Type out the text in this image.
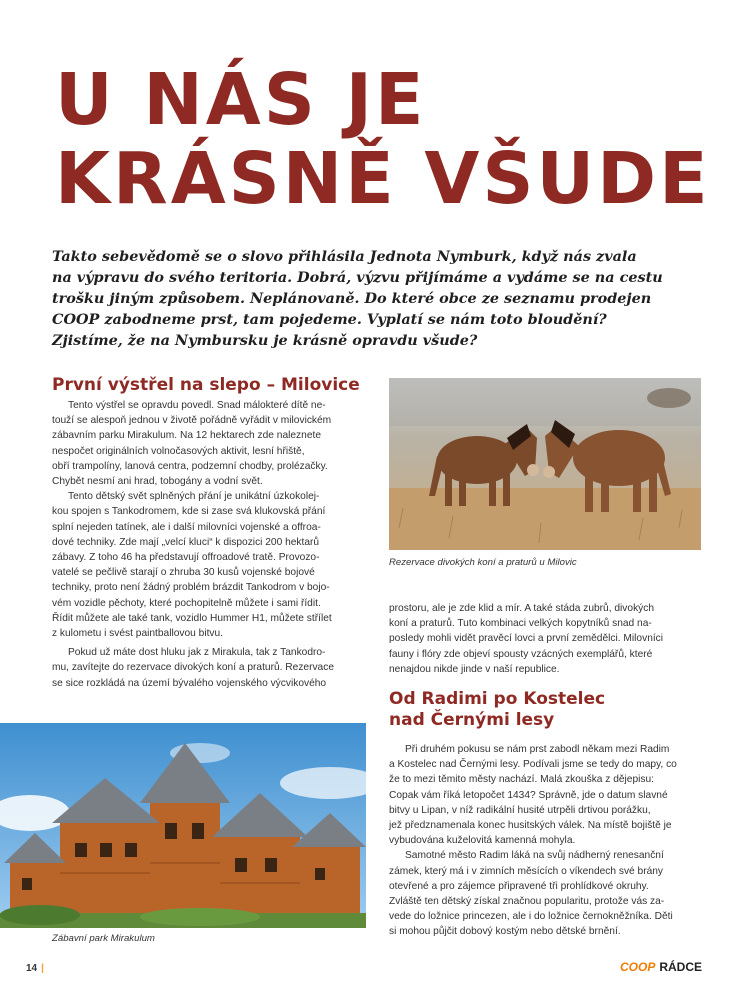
U NÁS JE
KRÁSNĚ VŠUDE
Takto sebevědomě se o slovo přihlásila Jednota Nymburk, když nás zvala
na výpravu do svého teritoria. Dobrá, výzvu přijímáme a vydáme se na cestu
trošku jiným způsobem. Neplánovaně. Do které obce ze seznamu prodejen
COOP zabodneme prst, tam pojedeme. Vyplatí se nám toto bloudění?
Zjistíme, že na Nymbursku je krásně opravdu všude?
První výstřel na slepo – Milovice
Tento výstřel se opravdu povedl. Snad málokteré dítě ne-
touží se alespoň jednou v životě pořádně vyřádit v milovickém
zábavním parku Mirakulum. Na 12 hektarech zde naleznete
nespočet originálních volnočasových aktivit, lesní hřiště,
obří trampolíny, lanová centra, podzemní chodby, prolézačky.
Chybět nesmí ani hrad, tobogány a vodní svět.
Tento dětský svět splněných přání je unikátní úzkokolej-
kou spojen s Tankodromem, kde si zase svá klukovská přání
splní nejeden tatínek, ale i další milovníci vojenské a offroa-
dové techniky. Zde mají „velcí kluci“ k dispozici 200 hektarů
zábavy. Z toho 46 ha představují offroadové tratě. Provozo-
vatelé se pečlivě starají o zhruba 30 kusů vojenské bojové
techniky, proto není žádný problém brázdit Tankodrom v bojo-
vém vozidle pěchoty, které pochopitelně můžete i sami řídit.
Řídit můžete ale také tank, vozidlo Hummer H1, můžete střílet
z kulometu i svést paintballovou bitvu.
Pokud už máte dost hluku jak z Mirakula, tak z Tankodro-
mu, zavítejte do rezervace divokých koní a praturů. Rezervace
se sice rozkládá na území bývalého vojenského výcvikového
Rezervace divokých koní a praturů u Milovic
prostoru, ale je zde klid a mír. A také stáda zubrů, divokých
koní a praturů. Tuto kombinaci velkých kopytníků snad na-
posledy mohli vidět pravěcí lovci a první zemědělci. Milovníci
fauny i flóry zde objeví spousty vzácných exemplářů, které
nenajdou nikde jinde v naší republice.
Od Radimi po Kostelec
nad Černými lesy
Při druhém pokusu se nám prst zabodl někam mezi Radim
a Kostelec nad Černými lesy. Podívali jsme se tedy do mapy, co
že to mezi těmito městy nachází. Malá zkouška z dějepisu:
Copak vám říká letopočet 1434? Správně, jde o datum slavné
bitvy u Lipan, v níž radikální husité utrpěli drtivou porážku,
jež předznamenala konec husitských válek. Na místě bojiště je
vybudována kuželovitá kamenná mohyla.
Samotné město Radim láká na svůj nádherný renesanční
zámek, který má i v zimních měsících o víkendech své brány
otevřené a pro zájemce připravené tři prohlídkové okruhy.
Zvláště ten dětský získal značnou popularitu, protože vás za-
vede do ložnice princezen, ale i do ložnice černokněžníka. Děti
si mohou půjčit dobový kostým nebo dětské brnění.
Zábavní park Mirakulum
14 |	COOP RÁDCE
